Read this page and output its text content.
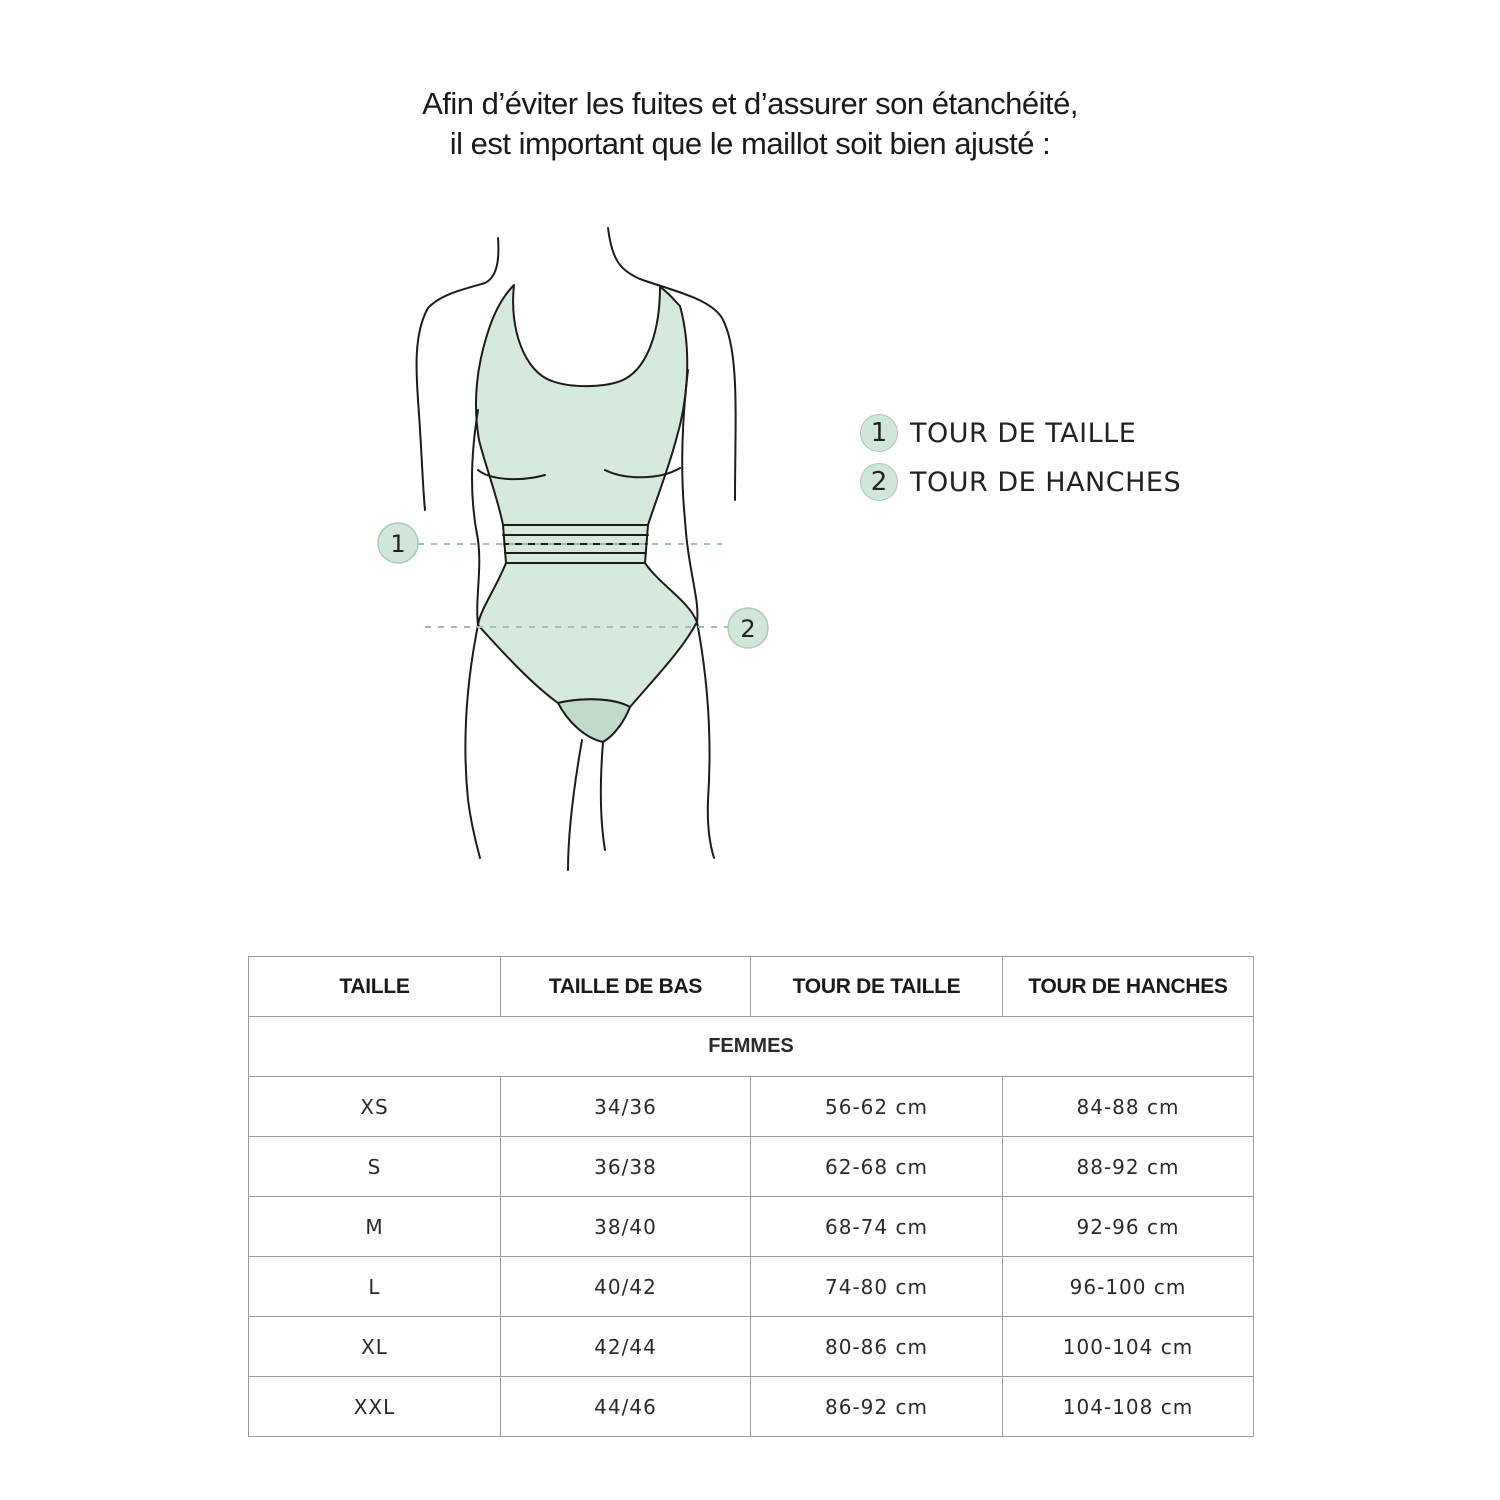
Afin d’éviter les fuites et d’assurer son étanchéité,
il est important que le maillot soit bien ajusté :
1
2
1 TOUR DE TAILLE
2 TOUR DE HANCHES
TAILLE	TAILLE DE BAS	TOUR DE TAILLE	TOUR DE HANCHES
FEMMES			
XS	34/36	56-62 cm	84-88 cm
S	36/38	62-68 cm	88-92 cm
M	38/40	68-74 cm	92-96 cm
L	40/42	74-80 cm	96-100 cm
XL	42/44	80-86 cm	100-104 cm
XXL	44/46	86-92 cm	104-108 cm
